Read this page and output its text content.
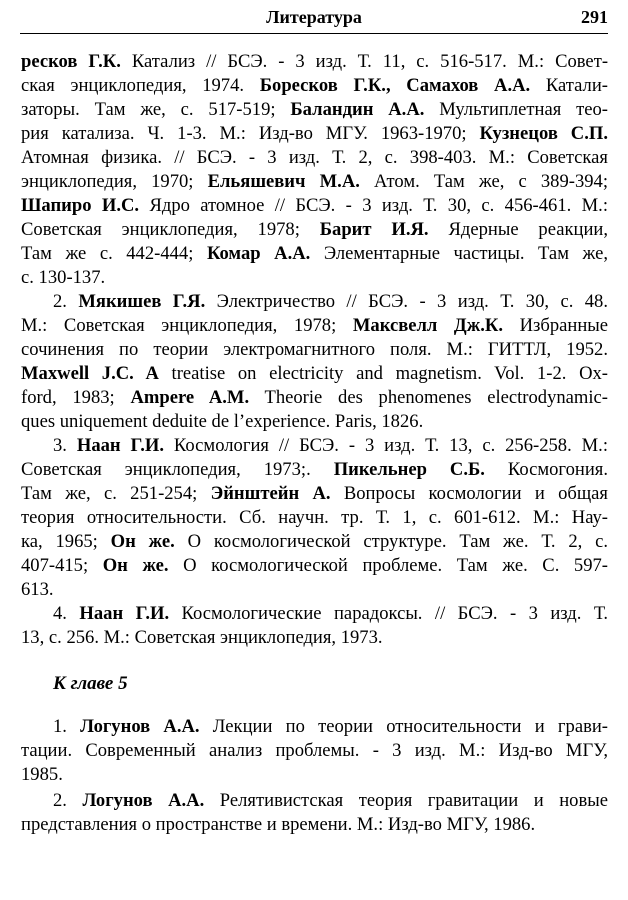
Литература	291
ресков Г.К. Катализ // БСЭ. - 3 изд. Т. 11, с. 516-517. М.: Совет-
ская энциклопедия, 1974. Боресков Г.К., Самахов А.А. Катали-
заторы. Там же, с. 517-519; Баландин А.А. Мультиплетная тео-
рия катализа. Ч. 1-3. М.: Изд-во МГУ. 1963-1970; Кузнецов С.П.
Атомная физика. // БСЭ. - 3 изд. Т. 2, с. 398-403. М.: Советская
энциклопедия, 1970; Ельяшевич М.А. Атом. Там же, с 389-394;
Шапиро И.С. Ядро атомное // БСЭ. - 3 изд. Т. 30, с. 456-461. М.:
Советская энциклопедия, 1978; Барит И.Я. Ядерные реакции,
Там же с. 442-444; Комар А.А. Элементарные частицы. Там же,
с. 130-137.
2. Мякишев Г.Я. Электричество // БСЭ. - 3 изд. Т. 30, с. 48.
М.: Советская энциклопедия, 1978; Максвелл Дж.К. Избранные
сочинения по теории электромагнитного поля. М.: ГИТТЛ, 1952.
Maxwell J.C. A treatise on electricity and magnetism. Vol. 1-2. Ox-
ford, 1983; Ampere A.M. Theorie des phenomenes electrodynamic-
ques uniquement deduite de l’experience. Paris, 1826.
3. Наан Г.И. Космология // БСЭ. - 3 изд. Т. 13, с. 256-258. М.:
Советская энциклопедия, 1973;. Пикельнер С.Б. Космогония.
Там же, с. 251-254; Эйнштейн А. Вопросы космологии и общая
теория относительности. Сб. научн. тр. Т. 1, с. 601-612. М.: Нау-
ка, 1965; Он же. О космологической структуре. Там же. Т. 2, с.
407-415; Он же. О космологической проблеме. Там же. С. 597-
613.
4. Наан Г.И. Космологические парадоксы. // БСЭ. - 3 изд. Т.
13, с. 256. М.: Советская энциклопедия, 1973.
1. Логунов А.А. Лекции по теории относительности и грави-
тации. Современный анализ проблемы. - 3 изд. М.: Изд-во МГУ,
1985.
2. Логунов А.А. Релятивистская теория гравитации и новые
представления о пространстве и времени. М.: Изд-во МГУ, 1986.
К главе 5
